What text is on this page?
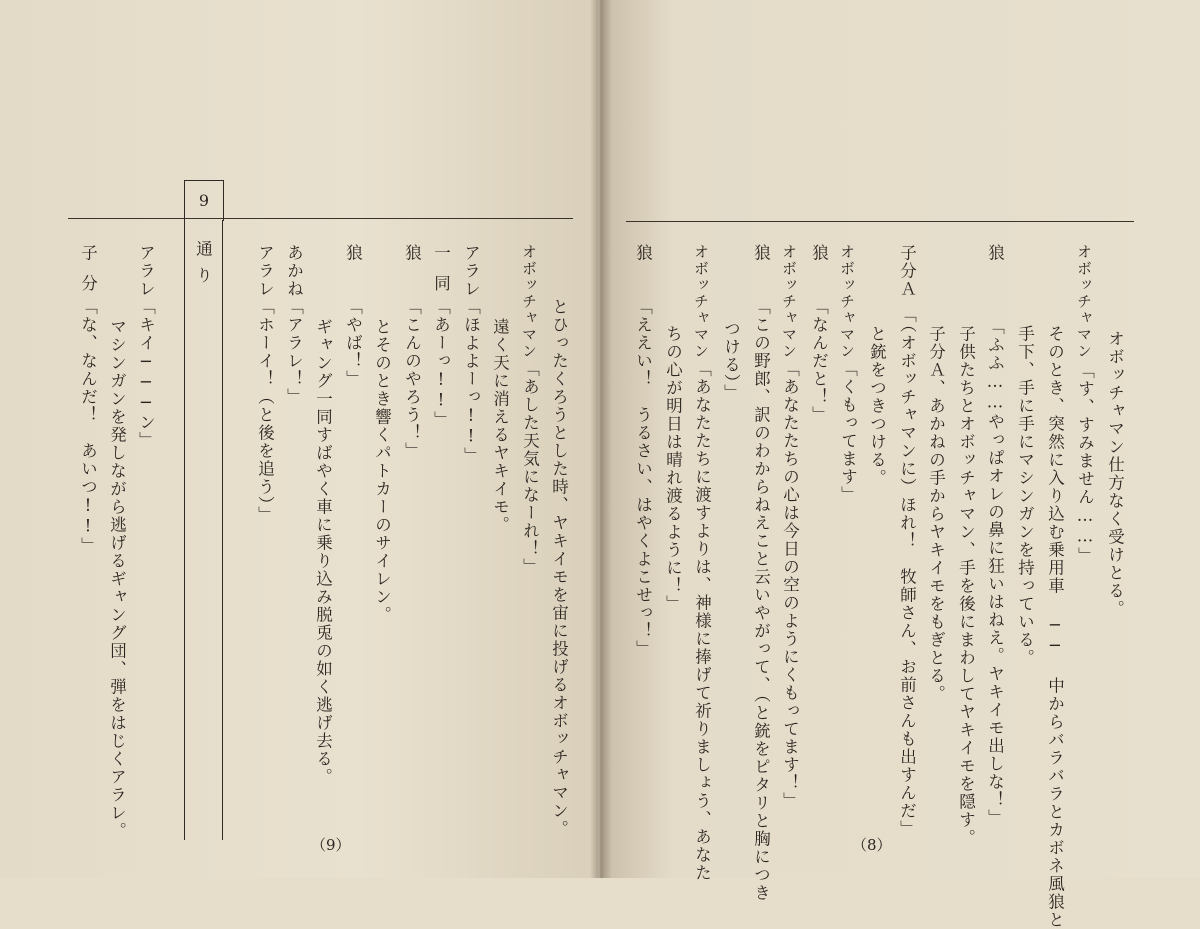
9
通り
オボッチャマン仕方なく受けとる。
オボッチャマン
「す、すみません……」
そのとき、突然に入り込む乗用車 ── 中からバラバラとカボネ風狼と
手下、手に手にマシンガンを持っている。
狼
「ふふ……やっぱオレの鼻に狂いはねえ。ヤキイモ出しな！」
子供たちとオボッチャマン、手を後にまわしてヤキイモを隠す。
子分Ａ、あかねの手からヤキイモをもぎとる。
子分Ａ
「（オボッチャマンに）ほれ！　牧師さん、お前さんも出すんだ」
と銃をつきつける。
オボッチャマン
「くもってます」
狼
「なんだと！」
オボッチャマン
「あなたたちの心は今日の空のようにくもってます！」
狼
「この野郎、訳のわからねえこと云いやがって、（と銃をピタリと胸につき
つける）」
オボッチャマン
「あなたたちに渡すよりは、神様に捧げて祈りましょう、あなた
ちの心が明日は晴れ渡るように！」
狼
「ええい！　うるさい、はやくよこせっ！」
（8）
とひったくろうとした時、ヤキイモを宙に投げるオボッチャマン。
オボッチャマン
「あした天気になーれ！」
遠く天に消えるヤキイモ。
アラレ
「ほよよーっ!!」
一同
「あーっ!!」
狼
「こんのやろう！」
とそのとき響くパトカーのサイレン。
狼
「やば！」
ギャング一同すばやく車に乗り込み脱兎の如く逃げ去る。
あかね
「アラレ！」
アラレ
「ホーイ！（と後を追う）」
アラレ
「キイ───ン」
マシンガンを発しながら逃げるギャング団、弾をはじくアラレ。
子分
「な、なんだ！　あいつ!!」
（9）
